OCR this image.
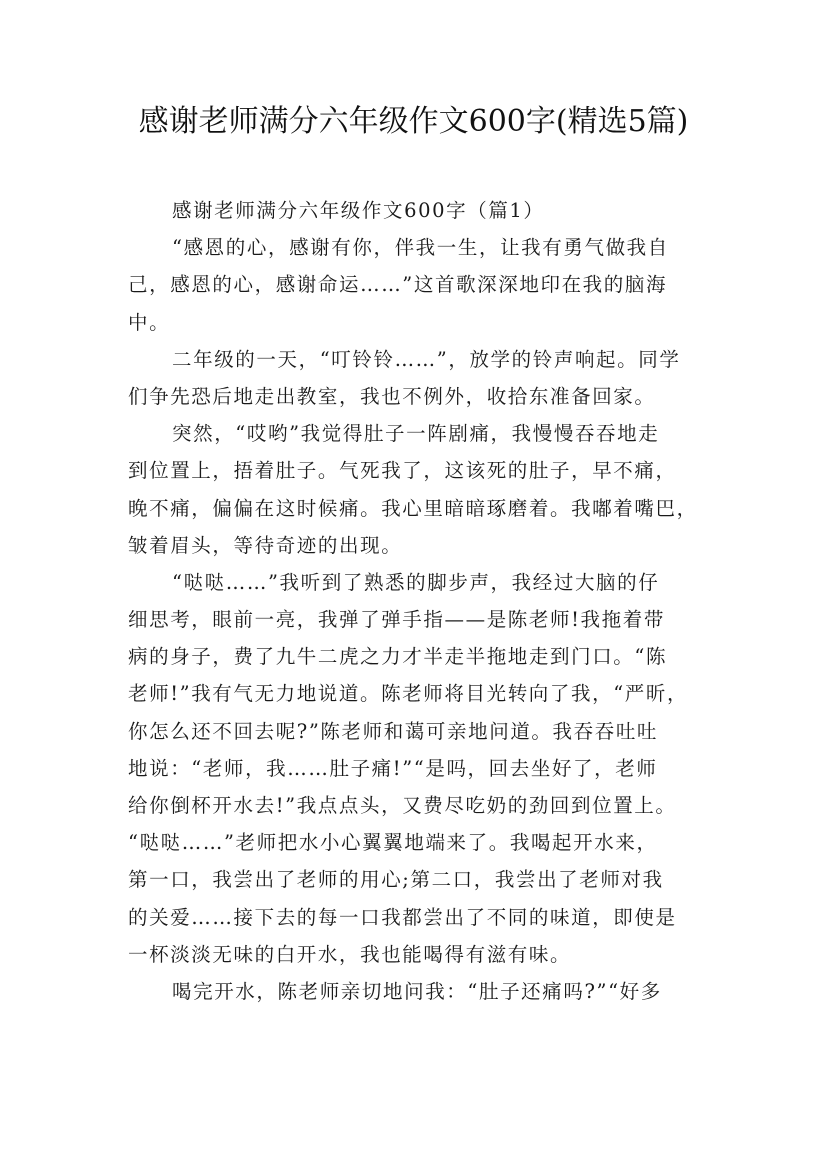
感谢老师满分六年级作文600字(精选5篇)
感谢老师满分六年级作文600字（篇1）
“感恩的心，感谢有你，伴我一生，让我有勇气做我自
己，感恩的心，感谢命运……”这首歌深深地印在我的脑海
中。
二年级的一天，“叮铃铃……”，放学的铃声响起。同学
们争先恐后地走出教室，我也不例外，收拾东准备回家。
突然，“哎哟”我觉得肚子一阵剧痛，我慢慢吞吞地走
到位置上，捂着肚子。气死我了，这该死的肚子，早不痛，
晚不痛，偏偏在这时候痛。我心里暗暗琢磨着。我嘟着嘴巴，
皱着眉头，等待奇迹的出现。
“哒哒……”我听到了熟悉的脚步声，我经过大脑的仔
细思考，眼前一亮，我弹了弹手指——是陈老师!我拖着带
病的身子，费了九牛二虎之力才半走半拖地走到门口。“陈
老师!”我有气无力地说道。陈老师将目光转向了我，“严昕，
你怎么还不回去呢?”陈老师和蔼可亲地问道。我吞吞吐吐
地说：“老师，我……肚子痛!”“是吗，回去坐好了，老师
给你倒杯开水去!”我点点头，又费尽吃奶的劲回到位置上。
“哒哒……”老师把水小心翼翼地端来了。我喝起开水来，
第一口，我尝出了老师的用心;第二口，我尝出了老师对我
的关爱……接下去的每一口我都尝出了不同的味道，即使是
一杯淡淡无味的白开水，我也能喝得有滋有味。
喝完开水，陈老师亲切地问我：“肚子还痛吗?”“好多
